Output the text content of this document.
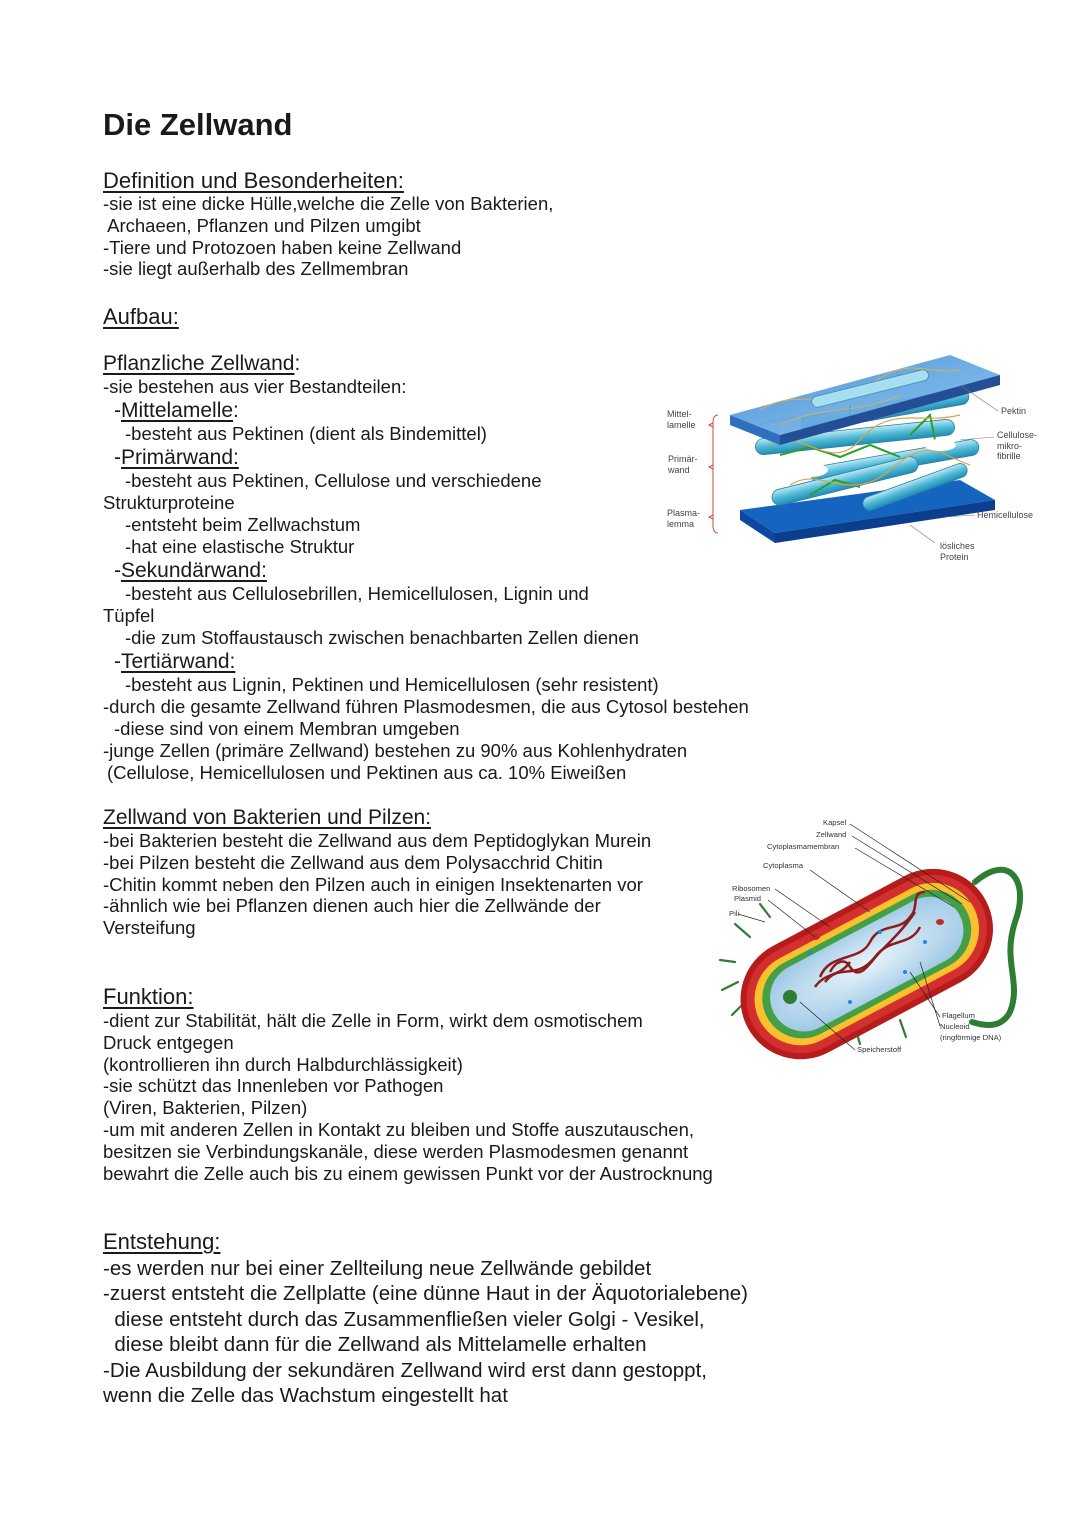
Die Zellwand
Definition und Besonderheiten:
-sie ist eine dicke Hülle,welche die Zelle von Bakterien,
Archaeen, Pflanzen und Pilzen umgibt
-Tiere und Protozoen haben keine Zellwand
-sie liegt außerhalb des Zellmembran
Aufbau:
Pflanzliche Zellwand:
-sie bestehen aus vier Bestandteilen:
-Mittelamelle:
-besteht aus Pektinen (dient als Bindemittel)
-Primärwand:
-besteht aus Pektinen, Cellulose und verschiedene
Strukturproteine
-entsteht beim Zellwachstum
-hat eine elastische Struktur
-Sekundärwand:
-besteht aus Cellulosebrillen, Hemicellulosen, Lignin und
Tüpfel
-die zum Stoffaustausch zwischen benachbarten Zellen dienen
-Tertiärwand:
-besteht aus Lignin, Pektinen und Hemicellulosen (sehr resistent)
-durch die gesamte Zellwand führen Plasmodesmen, die aus Cytosol bestehen
-diese sind von einem Membran umgeben
-junge Zellen (primäre Zellwand) bestehen zu 90% aus Kohlenhydraten
(Cellulose, Hemicellulosen und Pektinen aus ca. 10% Eiweißen
Zellwand von Bakterien und Pilzen:
-bei Bakterien besteht die Zellwand aus dem Peptidoglykan Murein
-bei Pilzen besteht die Zellwand aus dem Polysacchrid Chitin
-Chitin kommt neben den Pilzen auch in einigen Insektenarten vor
-ähnlich wie bei Pflanzen dienen auch hier die Zellwände der
Versteifung
Funktion:
-dient zur Stabilität, hält die Zelle in Form, wirkt dem osmotischem
Druck entgegen
(kontrollieren ihn durch Halbdurchlässigkeit)
-sie schützt das Innenleben vor Pathogen
(Viren, Bakterien, Pilzen)
-um mit anderen Zellen in Kontakt zu bleiben und Stoffe auszutauschen,
besitzen sie Verbindungskanäle, diese werden Plasmodesmen genannt
bewahrt die Zelle auch bis zu einem gewissen Punkt vor der Austrocknung
Entstehung:
-es werden nur bei einer Zellteilung neue Zellwände gebildet
-zuerst entsteht die Zellplatte (eine dünne Haut in der Äquotorialebene)
diese entsteht durch das Zusammenfließen vieler Golgi - Vesikel,
diese bleibt dann für die Zellwand als Mittelamelle erhalten
-Die Ausbildung der sekundären Zellwand wird erst dann gestoppt,
wenn die Zelle das Wachstum eingestellt hat
Mittel-
lamelle
Primär-
wand
Plasma-
lemma
Pektin
Cellulose-
mikro-
fibrille
Hemicellulose
lösliches
Protein
Kapsel
Zellwand
Cytoplasmamembran
Cytoplasma
Ribosomen
Plasmid
Pili
Flagellum
Nucleoid
(ringförmige DNA)
Speicherstoff
